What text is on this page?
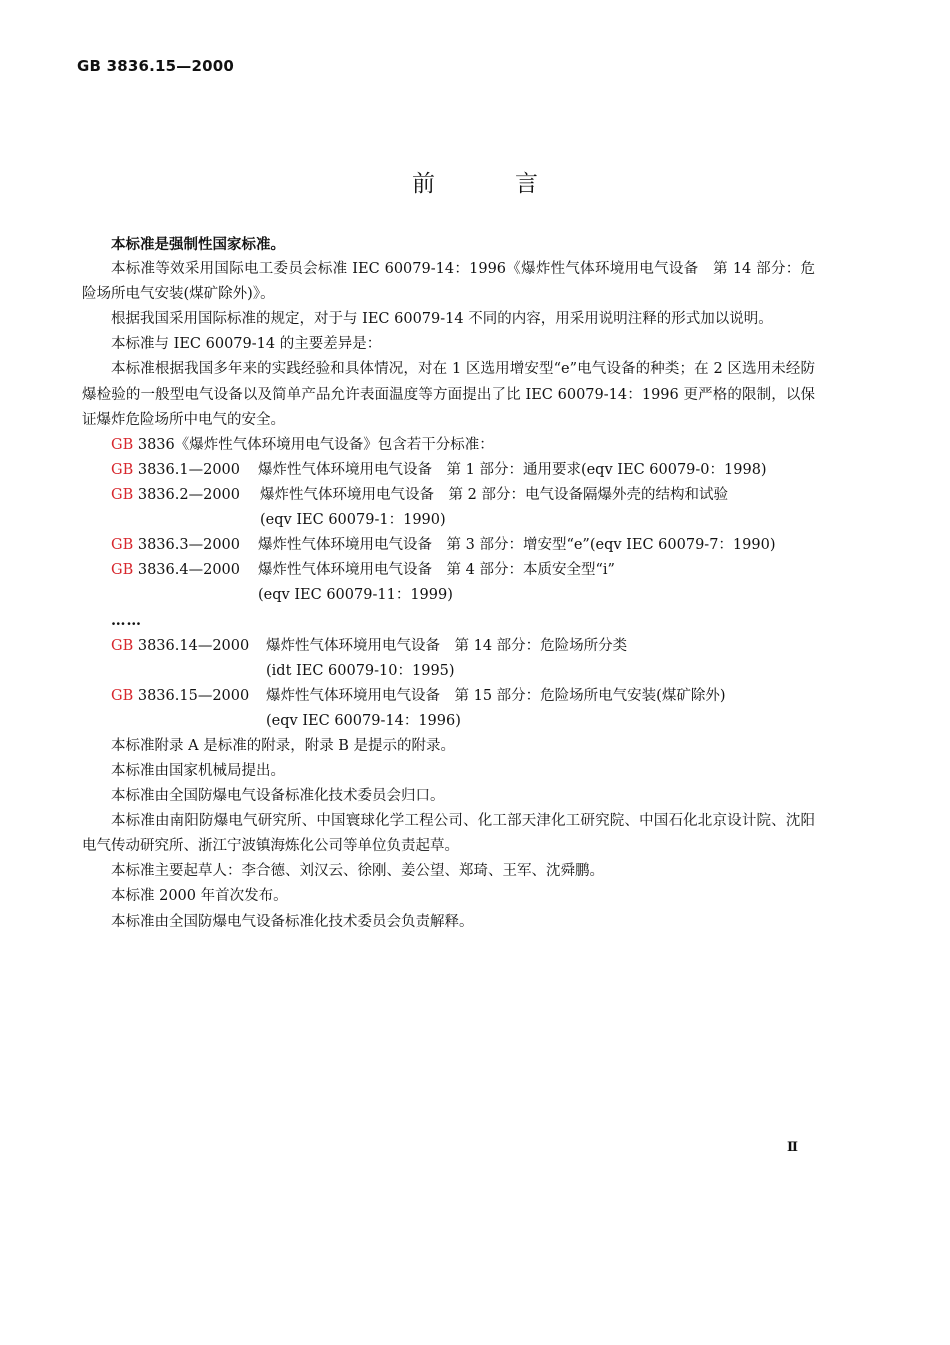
GB 3836.15—2000
前	言

本标准是强制性国家标准。

本标准等效采用国际电工委员会标准 IEC 60079-14：1996《爆炸性气体环境用电气设备　第 14 部分：危险场所电气安装(煤矿除外)》。

根据我国采用国际标准的规定，对于与 IEC 60079-14 不同的内容，用采用说明注释的形式加以说明。

本标准与 IEC 60079-14 的主要差异是：

本标准根据我国多年来的实践经验和具体情况，对在 1 区选用增安型“e”电气设备的种类；在 2 区选用未经防爆检验的一般型电气设备以及简单产品允许表面温度等方面提出了比 IEC 60079-14：1996 更严格的限制，以保证爆炸危险场所中电气的安全。

GB 3836《爆炸性气体环境用电气设备》包含若干分标准：

GB 3836.1—2000 爆炸性气体环境用电气设备　第 1 部分：通用要求(eqv IEC 60079-0：1998)
GB 3836.2—2000 爆炸性气体环境用电气设备　第 2 部分：电气设备隔爆外壳的结构和试验
(eqv IEC 60079-1：1990)
GB 3836.3—2000 爆炸性气体环境用电气设备　第 3 部分：增安型“e”(eqv IEC 60079-7：1990)
GB 3836.4—2000 爆炸性气体环境用电气设备　第 4 部分：本质安全型“i”
(eqv IEC 60079-11：1999)
……
GB 3836.14—2000 爆炸性气体环境用电气设备　第 14 部分：危险场所分类
(idt IEC 60079-10：1995)
GB 3836.15—2000 爆炸性气体环境用电气设备　第 15 部分：危险场所电气安装(煤矿除外)
(eqv IEC 60079-14：1996)

本标准附录 A 是标准的附录，附录 B 是提示的附录。

本标准由国家机械局提出。

本标准由全国防爆电气设备标准化技术委员会归口。

本标准由南阳防爆电气研究所、中国寰球化学工程公司、化工部天津化工研究院、中国石化北京设计院、沈阳电气传动研究所、浙江宁波镇海炼化公司等单位负责起草。

本标准主要起草人：李合德、刘汉云、徐刚、姜公望、郑琦、王军、沈舜鹏。

本标准 2000 年首次发布。

本标准由全国防爆电气设备标准化技术委员会负责解释。

Ⅱ
